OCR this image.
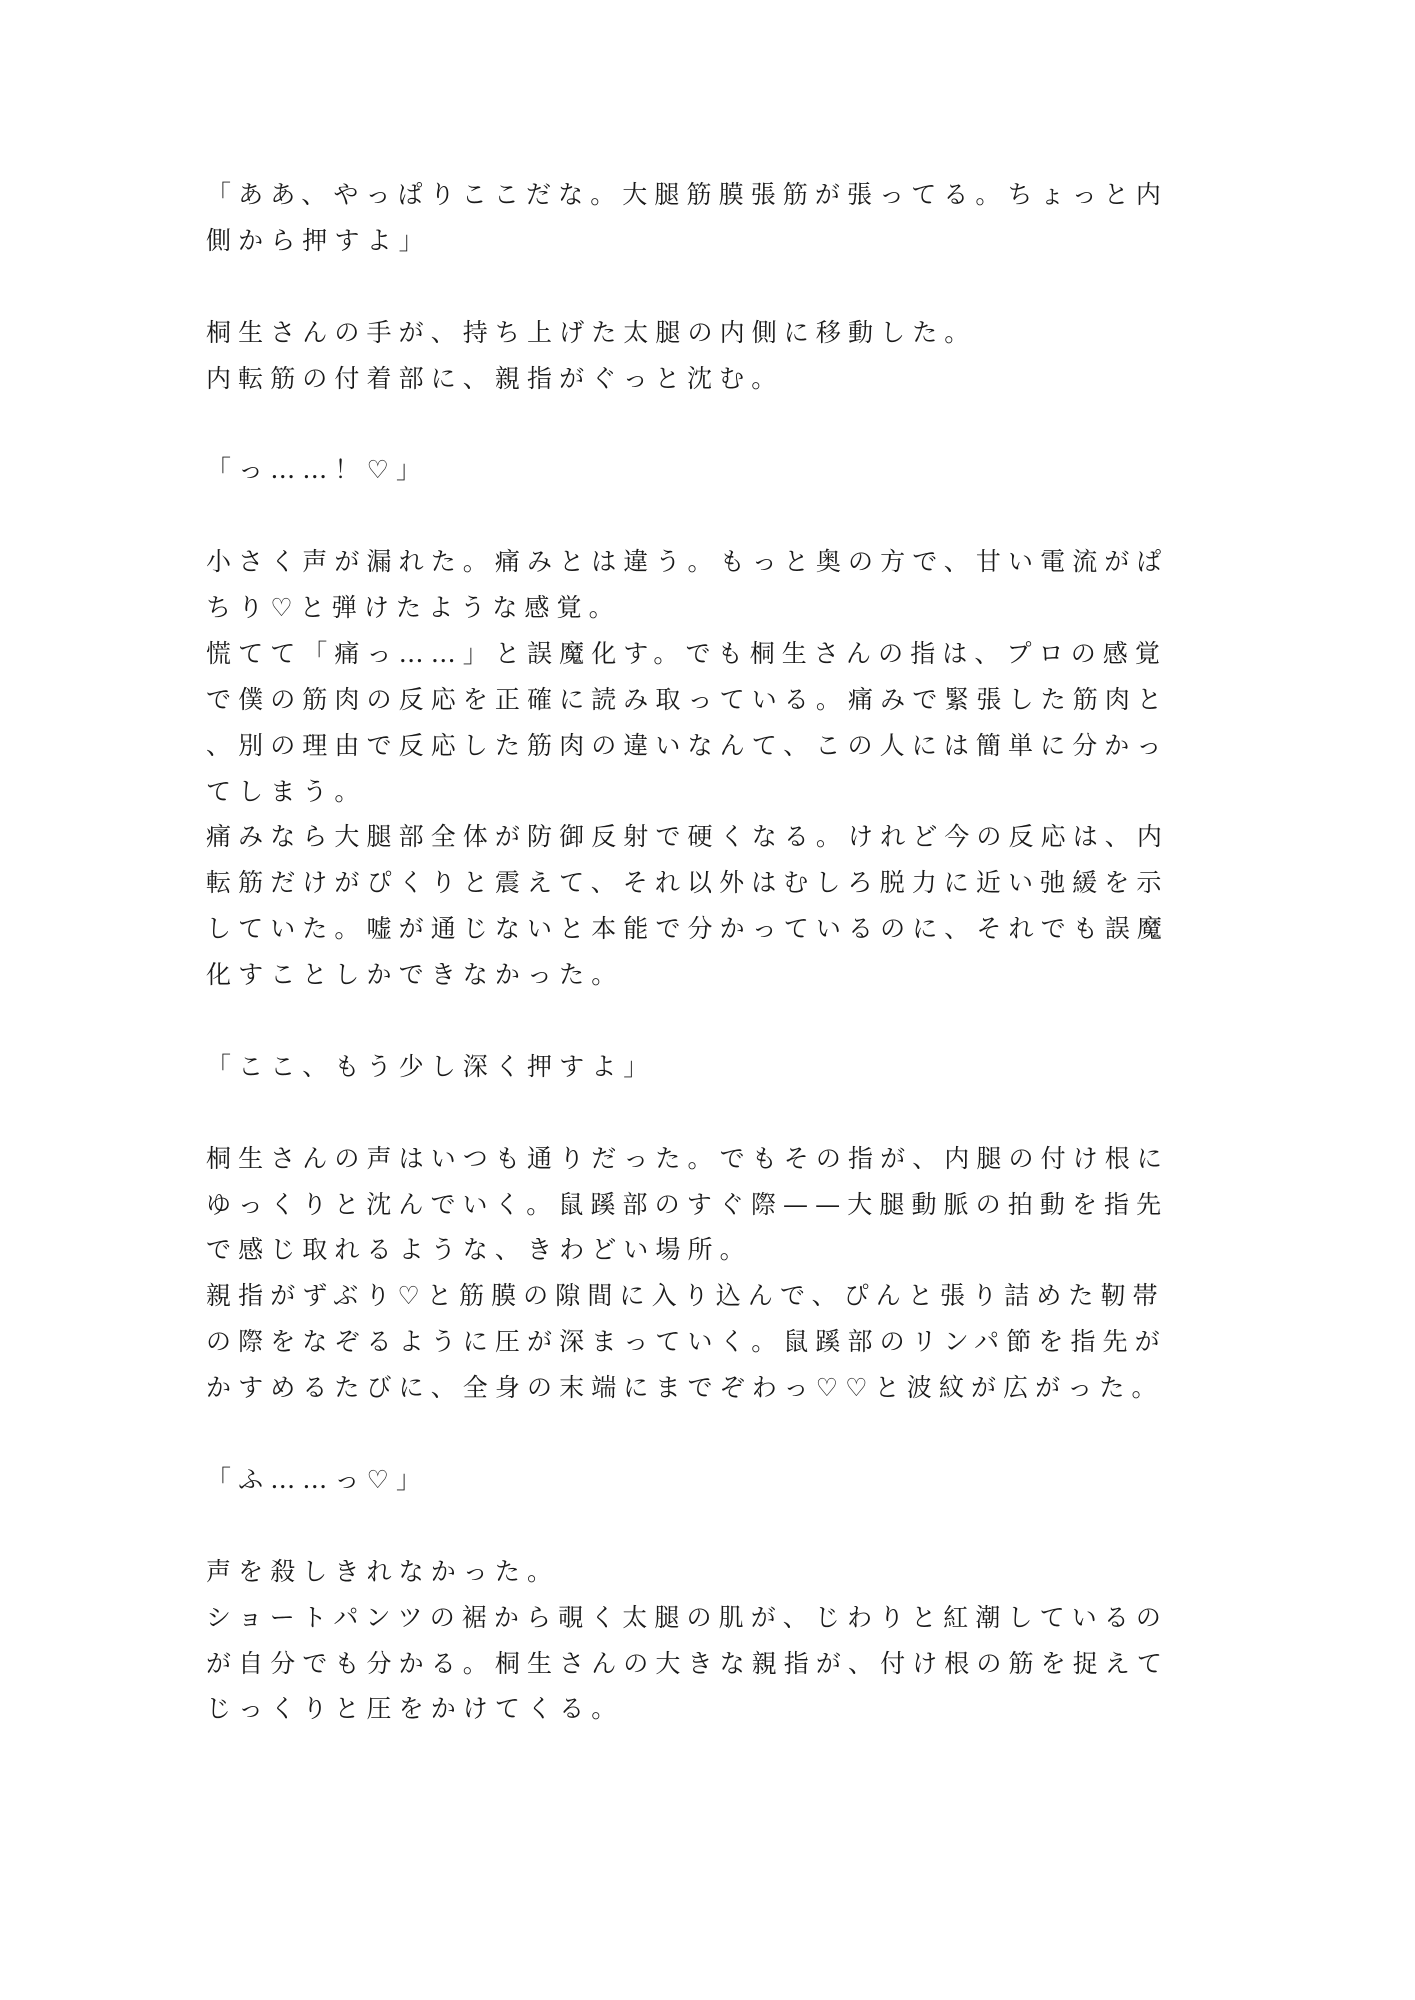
「ああ、やっぱりここだな。大腿筋膜張筋が張ってる。ちょっと内
側から押すよ」
桐生さんの手が、持ち上げた太腿の内側に移動した。
内転筋の付着部に、親指がぐっと沈む。
「っ……！♡」
小さく声が漏れた。痛みとは違う。もっと奥の方で、甘い電流がぱ
ちり♡と弾けたような感覚。
慌てて「痛っ……」と誤魔化す。でも桐生さんの指は、プロの感覚
で僕の筋肉の反応を正確に読み取っている。痛みで緊張した筋肉と
、別の理由で反応した筋肉の違いなんて、この人には簡単に分かっ
てしまう。
痛みなら大腿部全体が防御反射で硬くなる。けれど今の反応は、内
転筋だけがぴくりと震えて、それ以外はむしろ脱力に近い弛緩を示
していた。嘘が通じないと本能で分かっているのに、それでも誤魔
化すことしかできなかった。
「ここ、もう少し深く押すよ」
桐生さんの声はいつも通りだった。でもその指が、内腿の付け根に
ゆっくりと沈んでいく。鼠蹊部のすぐ際——大腿動脈の拍動を指先
で感じ取れるような、きわどい場所。
親指がずぶり♡と筋膜の隙間に入り込んで、ぴんと張り詰めた靭帯
の際をなぞるように圧が深まっていく。鼠蹊部のリンパ節を指先が
かすめるたびに、全身の末端にまでぞわっ♡♡と波紋が広がった。
「ふ……っ♡」
声を殺しきれなかった。
ショートパンツの裾から覗く太腿の肌が、じわりと紅潮しているの
が自分でも分かる。桐生さんの大きな親指が、付け根の筋を捉えて
じっくりと圧をかけてくる。
